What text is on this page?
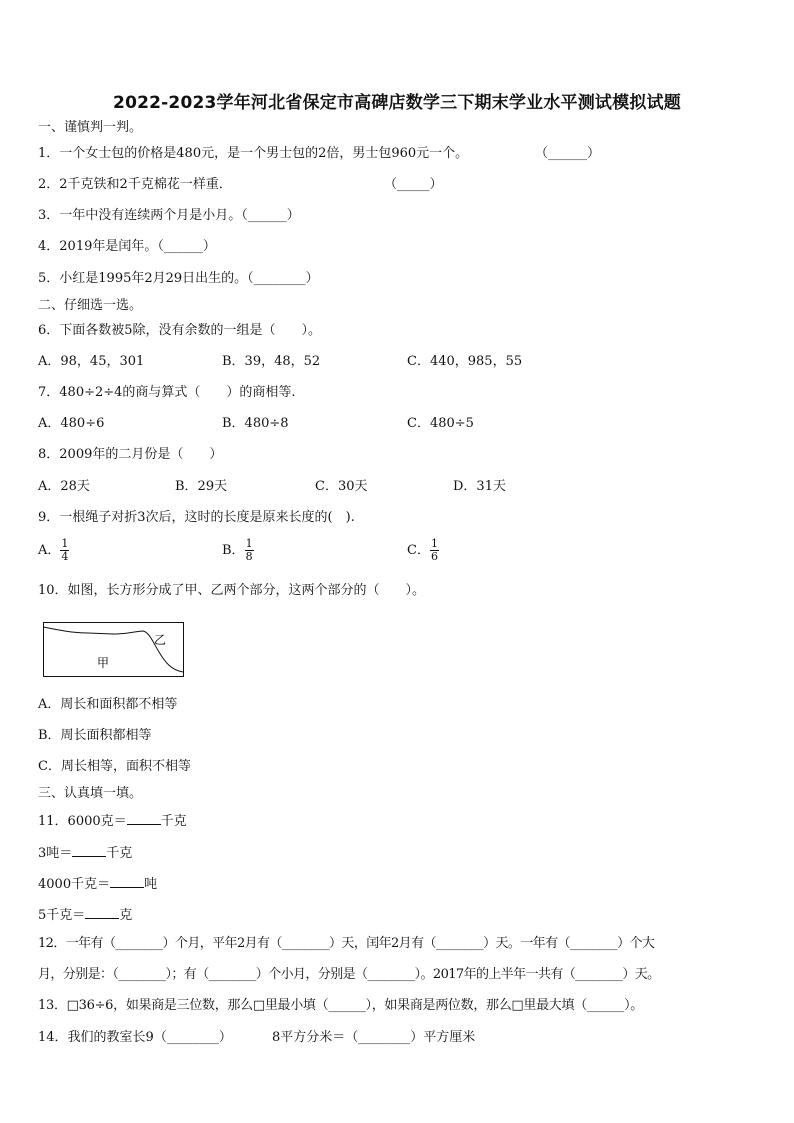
2022-2023学年河北省保定市高碑店数学三下期末学业水平测试模拟试题
一、谨慎判一判。
1．一个女士包的价格是480元，是一个男士包的2倍，男士包960元一个。	（______）
2．2千克铁和2千克棉花一样重．	（_____）
3．一年中没有连续两个月是小月。（______）
4．2019年是闰年。（______）
5．小红是1995年2月29日出生的。（________）
二、仔细选一选。
6．下面各数被5除，没有余数的一组是（　　）。
A．98，45，301	B．39，48，52	C．440，985，55
7．480÷2÷4的商与算式（　　）的商相等.
A．480÷6	B．480÷8	C．480÷5
8．2009年的二月份是（　　）
A．28天	B．29天	C．30天	D．31天
9．一根绳子对折3次后，这时的长度是原来长度的(　).
A． $\frac{1}{4}$	B． $\frac{1}{8}$	C． $\frac{1}{6}$
10．如图，长方形分成了甲、乙两个部分，这两个部分的（　　）。
乙
甲
A．周长和面积都不相等
B．周长面积都相等
C．周长相等，面积不相等
三、认真填一填。
11．6000克＝	千克
3吨＝	千克
4000千克＝	吨
5千克＝	克
12．一年有（________）个月，平年2月有（________）天，闰年2月有（________）天。一年有（________）个大
月，分别是：（________）；有（________）个小月，分别是（________）。2017年的上半年一共有（________）天。
13．□36÷6，如果商是三位数，那么□里最小填（______），如果商是两位数，那么□里最大填（______）。
14．我们的教室长9（________）	8平方分米＝（________）平方厘米
